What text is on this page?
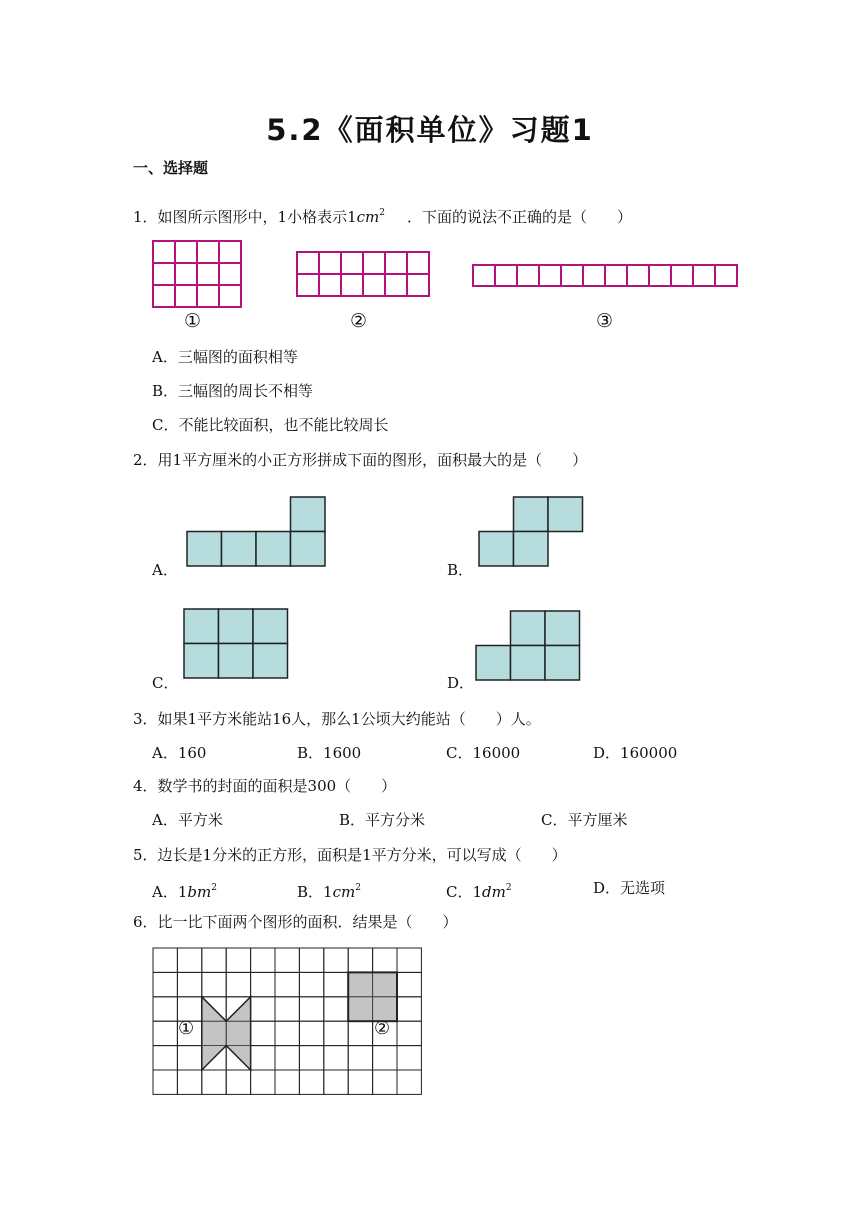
5.2《面积单位》习题1
一、选择题
1．如图所示图形中，1小格表示$1cm^2$ ．下面的说法不正确的是（　　）
①	②	③
A．三幅图的面积相等
B．三幅图的周长不相等
C．不能比较面积，也不能比较周长
2．用1平方厘米的小正方形拼成下面的图形，面积最大的是（　　）
A．	B．
C．	D．
3．如果1平方米能站16人，那么1公顷大约能站（　　）人。
A．160	B．1600	C．16000	D．160000
4．数学书的封面的面积是300（　　）
A．平方米	B．平方分米	C．平方厘米
5．边长是1分米的正方形，面积是1平方分米，可以写成（　　）
A．$1bm^2$	B．$1cm^2$	C．$1dm^2$	D．无选项
6．比一比下面两个图形的面积．结果是（　　）
①	②
